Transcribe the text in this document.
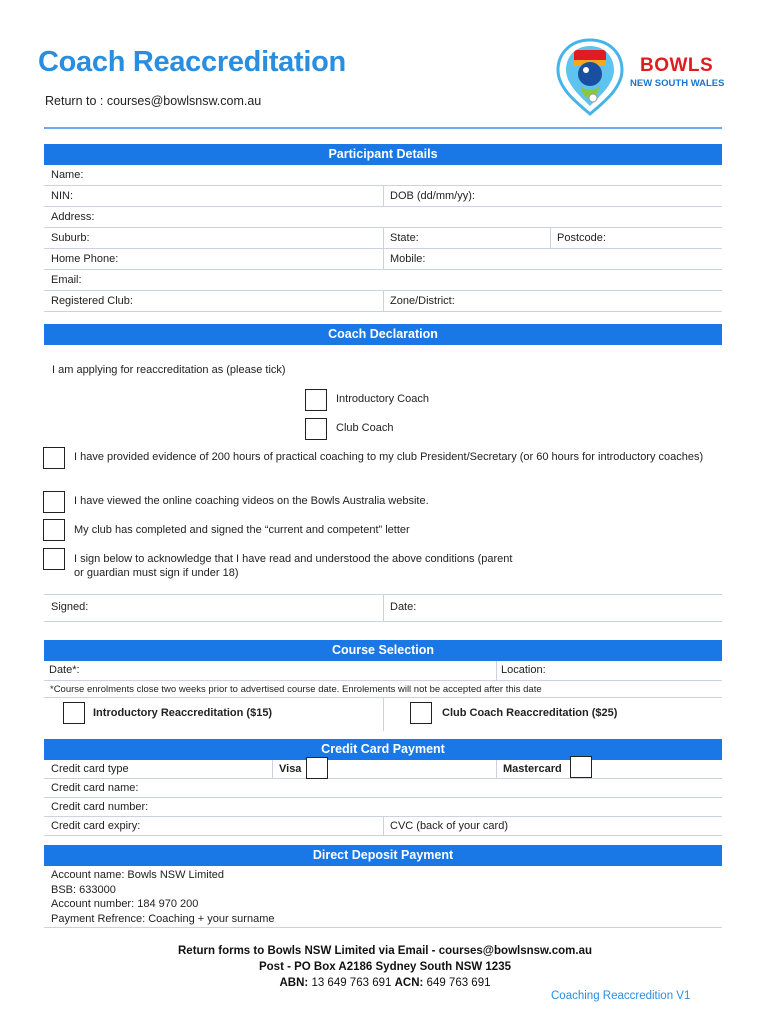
Coach Reaccreditation
Return to : courses@bowlsnsw.com.au
BOWLS
NEW SOUTH WALES
Participant Details
Name:
NIN:	DOB (dd/mm/yy):
Address:
Suburb:	State:	Postcode:
Home Phone:	Mobile:
Email:
Registered Club:	Zone/District:
Coach Declaration
I am applying for reaccreditation as (please tick)
Introductory Coach
Club Coach
I have provided evidence of 200 hours of practical coaching to my club President/Secretary (or 60 hours for introductory coaches)
I have viewed the online coaching videos on the Bowls Australia website.
My club has completed and signed the “current and competent” letter
I sign below to acknowledge that I have read and understood the above conditions (parent or guardian must sign if under 18)
Signed:	Date:
Course Selection
Date*:	Location:
*Course enrolments close two weeks prior to advertised course date. Enrolements will not be accepted after this date
Introductory Reaccreditation ($15)	Club Coach Reaccreditation ($25)
Credit Card Payment
Credit card type	Visa	Mastercard
Credit card name:
Credit card number:
Credit card expiry:	CVC (back of your card)
Direct Deposit Payment
Account name: Bowls NSW Limited
BSB: 633000
Account number: 184 970 200
Payment Refrence: Coaching + your surname
Return forms to Bowls NSW Limited via Email - courses@bowlsnsw.com.au
Post - PO Box A2186 Sydney South NSW 1235
ABN: 13 649 763 691 ACN: 649 763 691
Coaching Reaccredition V1
